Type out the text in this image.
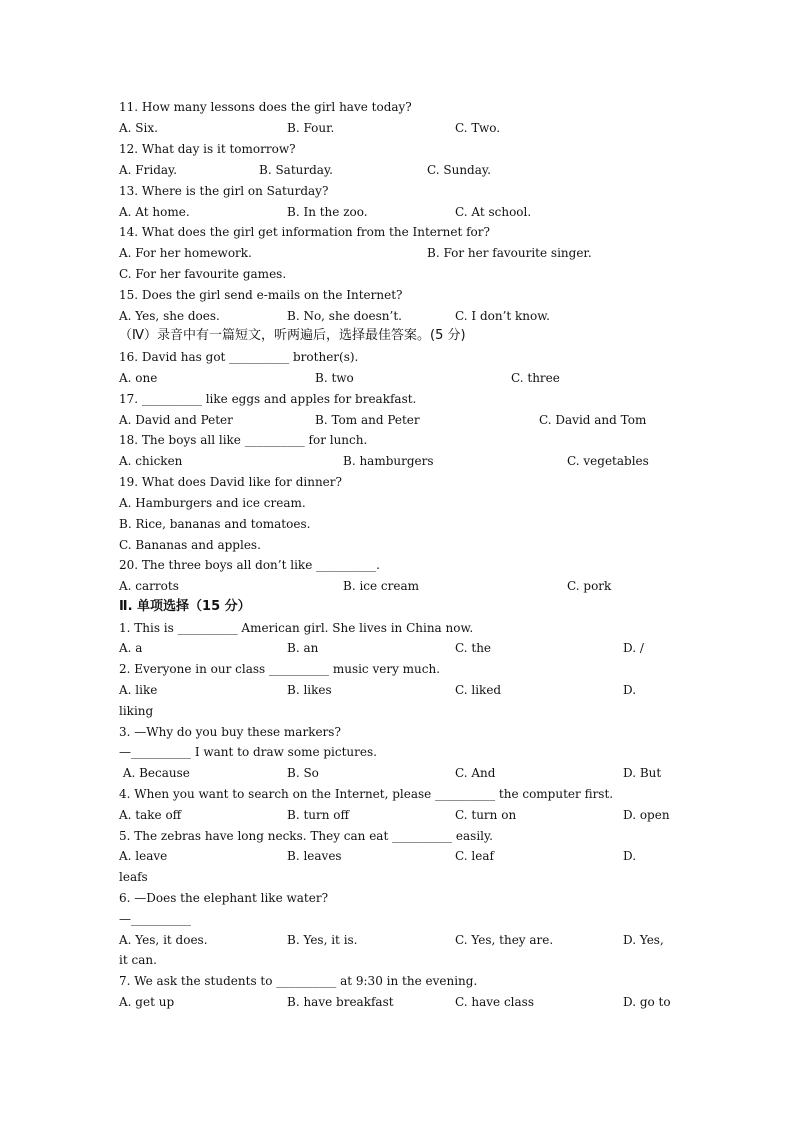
11. How many lessons does the girl have today?

A. Six.

	B. Four.

	C. Two.

12. What day is it tomorrow?

A. Friday.

	B. Saturday.

	C. Sunday.

13. Where is the girl on Saturday?

A. At home.

	B. In the zoo.

	C. At school.

14. What does the girl get information from the Internet for?

A. For her homework.

	B. For her favourite singer.

C. For her favourite games.

15. Does the girl send e-mails on the Internet?

A. Yes, she does.

	B. No, she doesn’t.

	C. I don’t know.

（Ⅳ）录音中有一篇短文，听两遍后，选择最佳答案。(5 分)
16. David has got __________ brother(s).

A. one

	B. two

	C. three

17. __________ like eggs and apples for breakfast.

A. David and Peter

	B. Tom and Peter

	C. David and Tom

18. The boys all like __________ for lunch.

A. chicken

	B. hamburgers

	C. vegetables

19. What does David like for dinner?
A. Hamburgers and ice cream.
B. Rice, bananas and tomatoes.
C. Bananas and apples.
20. The three boys all don’t like __________.

A. carrots

	B. ice cream

	C. pork

Ⅱ. 单项选择（15 分）
1. This is __________ American girl. She lives in China now.

A. a

	B. an

	C. the

	D. /

2. Everyone in our class __________ music very much.

A. like

	B. likes

	C. liked

	D.

liking
3. —Why do you buy these markers?
—__________ I want to draw some pictures.

A. Because

	B. So

	C. And

	D. But

4. When you want to search on the Internet, please __________ the computer first.

A. take off

	B. turn off

	C. turn on

	D. open

5. The zebras have long necks. They can eat __________ easily.

A. leave

	B. leaves

	C. leaf

	D.

leafs
6. —Does the elephant like water?
—__________

A. Yes, it does.

	B. Yes, it is.

	C. Yes, they are.

	D. Yes,

it can.
7. We ask the students to __________ at 9:30 in the evening.

A. get up

	B. have breakfast

	C. have class

	D. go to
